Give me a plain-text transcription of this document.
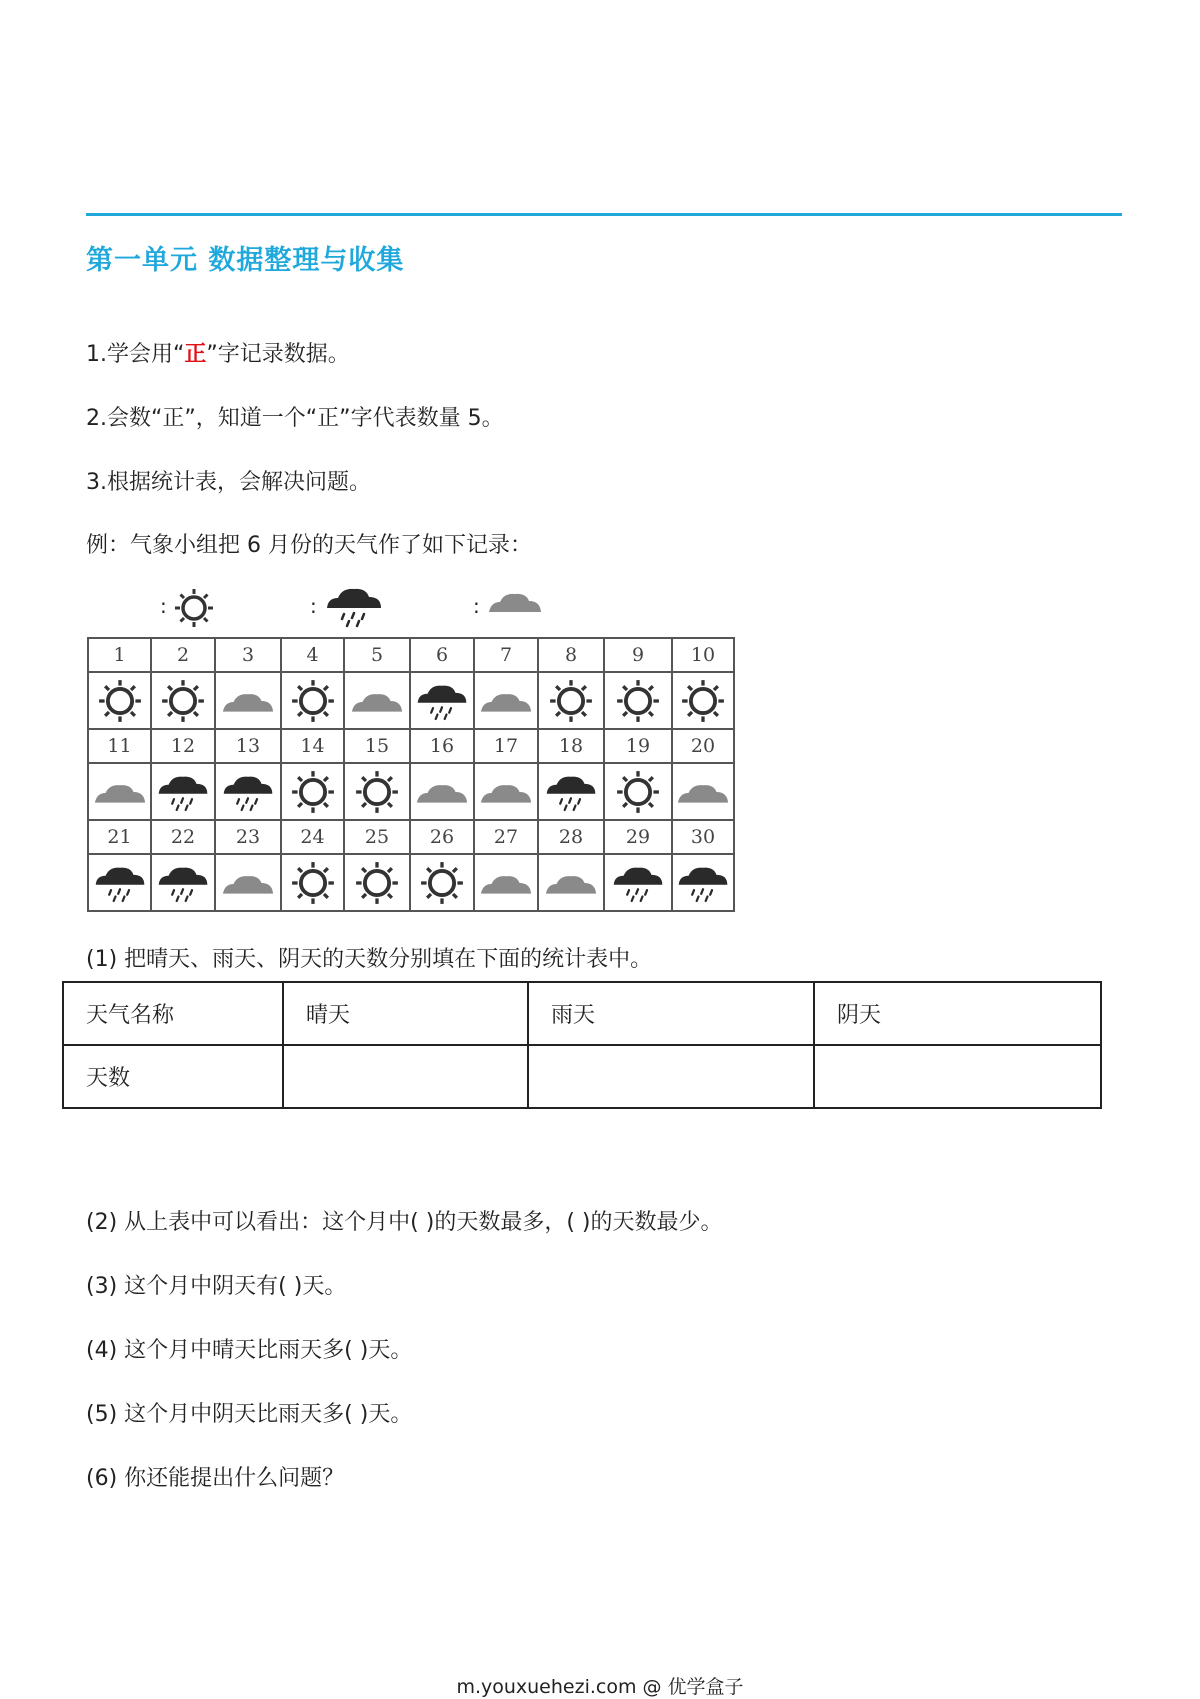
第一单元 数据整理与收集
1.学会用“正”字记录数据。
2.会数“正”，知道一个“正”字代表数量 5。
3.根据统计表，会解决问题。
例：气象小组把 6 月份的天气作了如下记录：
:	:	:
1	2	3	4	5	6	7	8	9	10

11	12	13	14	15	16	17	18	19	20

21	22	23	24	25	26	27	28	29	30

(1) 把晴天、雨天、阴天的天数分别填在下面的统计表中。
天气名称	晴天	雨天	阴天
天数			
(2) 从上表中可以看出：这个月中( )的天数最多，( )的天数最少。
(3) 这个月中阴天有( )天。
(4) 这个月中晴天比雨天多( )天。
(5) 这个月中阴天比雨天多( )天。
(6) 你还能提出什么问题？
m.youxuehezi.com @ 优学盒子
